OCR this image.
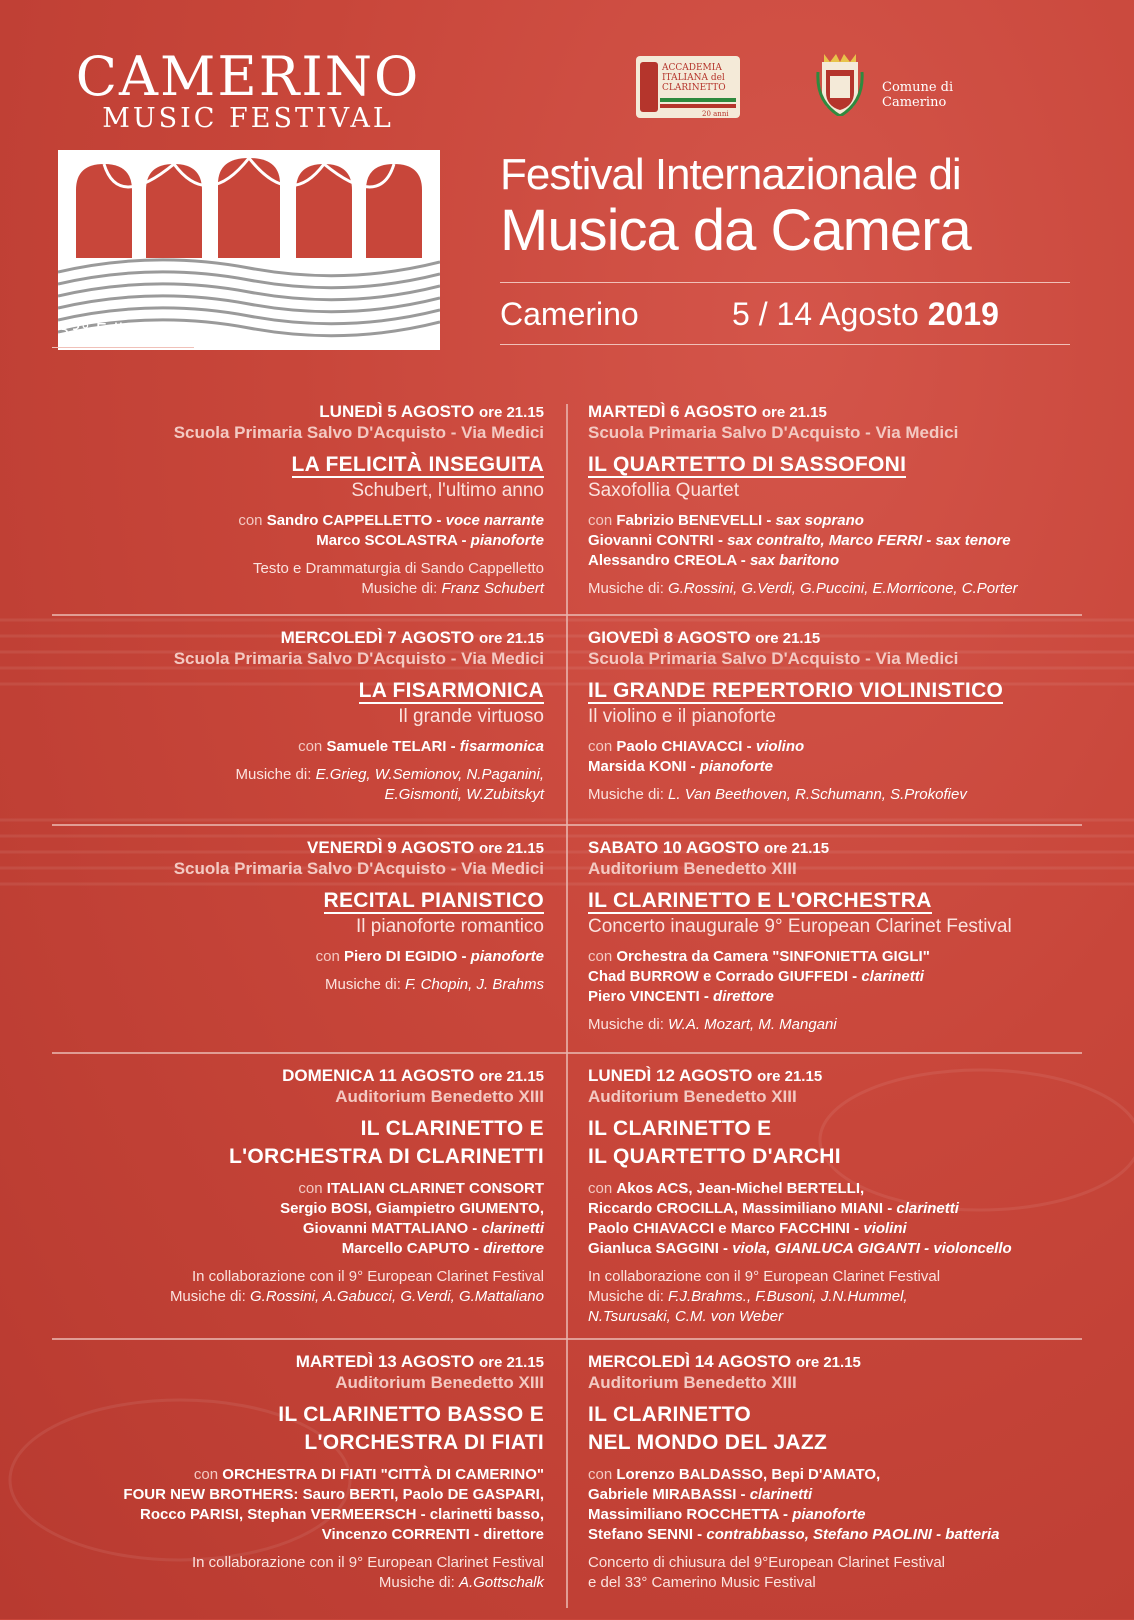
CAMERINO
MUSIC FESTIVAL
33° Edizione
ACCADEMIA
ITALIANA del
CLARINETTO
20 anni
Comune di
Camerino
Festival Internazionale di
Musica da Camera
Camerino	5 / 14 Agosto 2019
LUNEDÌ 5 AGOSTO ore 21.15
Scuola Primaria Salvo D'Acquisto - Via Medici
LA FELICITÀ INSEGUITA
Schubert, l'ultimo anno
con Sandro CAPPELLETTO - voce narrante
Marco SCOLASTRA - pianoforte
Testo e Drammaturgia di Sando Cappelletto
Musiche di: Franz Schubert
MARTEDÌ 6 AGOSTO ore 21.15
Scuola Primaria Salvo D'Acquisto - Via Medici
IL QUARTETTO DI SASSOFONI
Saxofollia Quartet
con Fabrizio BENEVELLI - sax soprano
Giovanni CONTRI - sax contralto, Marco FERRI - sax tenore
Alessandro CREOLA - sax baritono
Musiche di: G.Rossini, G.Verdi, G.Puccini, E.Morricone, C.Porter
MERCOLEDÌ 7 AGOSTO ore 21.15
Scuola Primaria Salvo D'Acquisto - Via Medici
LA FISARMONICA
Il grande virtuoso
con Samuele TELARI - fisarmonica
Musiche di: E.Grieg, W.Semionov, N.Paganini,
E.Gismonti, W.Zubitskyt
GIOVEDÌ 8 AGOSTO ore 21.15
Scuola Primaria Salvo D'Acquisto - Via Medici
IL GRANDE REPERTORIO VIOLINISTICO
Il violino e il pianoforte
con Paolo CHIAVACCI - violino
Marsida KONI - pianoforte
Musiche di: L. Van Beethoven, R.Schumann, S.Prokofiev
VENERDÌ 9 AGOSTO ore 21.15
Scuola Primaria Salvo D'Acquisto - Via Medici
RECITAL PIANISTICO
Il pianoforte romantico
con Piero DI EGIDIO - pianoforte
Musiche di: F. Chopin, J. Brahms
SABATO 10 AGOSTO ore 21.15
Auditorium Benedetto XIII
IL CLARINETTO E L'ORCHESTRA
Concerto inaugurale 9° European Clarinet Festival
con Orchestra da Camera "SINFONIETTA GIGLI"
Chad BURROW e Corrado GIUFFEDI - clarinetti
Piero VINCENTI - direttore
Musiche di: W.A. Mozart, M. Mangani
DOMENICA 11 AGOSTO ore 21.15
Auditorium Benedetto XIII
IL CLARINETTO E
L'ORCHESTRA DI CLARINETTI
con ITALIAN CLARINET CONSORT
Sergio BOSI, Giampietro GIUMENTO,
Giovanni MATTALIANO - clarinetti
Marcello CAPUTO - direttore
In collaborazione con il 9° European Clarinet Festival
Musiche di: G.Rossini, A.Gabucci, G.Verdi, G.Mattaliano
LUNEDÌ 12 AGOSTO ore 21.15
Auditorium Benedetto XIII
IL CLARINETTO E
IL QUARTETTO D'ARCHI
con Akos ACS, Jean-Michel BERTELLI,
Riccardo CROCILLA, Massimiliano MIANI - clarinetti
Paolo CHIAVACCI e Marco FACCHINI - violini
Gianluca SAGGINI - viola, GIANLUCA GIGANTI - violoncello
In collaborazione con il 9° European Clarinet Festival
Musiche di: F.J.Brahms., F.Busoni, J.N.Hummel,
N.Tsurusaki, C.M. von Weber
MARTEDÌ 13 AGOSTO ore 21.15
Auditorium Benedetto XIII
IL CLARINETTO BASSO E
L'ORCHESTRA DI FIATI
con ORCHESTRA DI FIATI "CITTÀ DI CAMERINO"
FOUR NEW BROTHERS: Sauro BERTI, Paolo DE GASPARI,
Rocco PARISI, Stephan VERMEERSCH - clarinetti basso,
Vincenzo CORRENTI - direttore
In collaborazione con il 9° European Clarinet Festival
Musiche di: A.Gottschalk
MERCOLEDÌ 14 AGOSTO ore 21.15
Auditorium Benedetto XIII
IL CLARINETTO
NEL MONDO DEL JAZZ
con Lorenzo BALDASSO, Bepi D'AMATO,
Gabriele MIRABASSI - clarinetti
Massimiliano ROCCHETTA - pianoforte
Stefano SENNI - contrabbasso, Stefano PAOLINI - batteria
Concerto di chiusura del 9°European Clarinet Festival
e del 33° Camerino Music Festival
